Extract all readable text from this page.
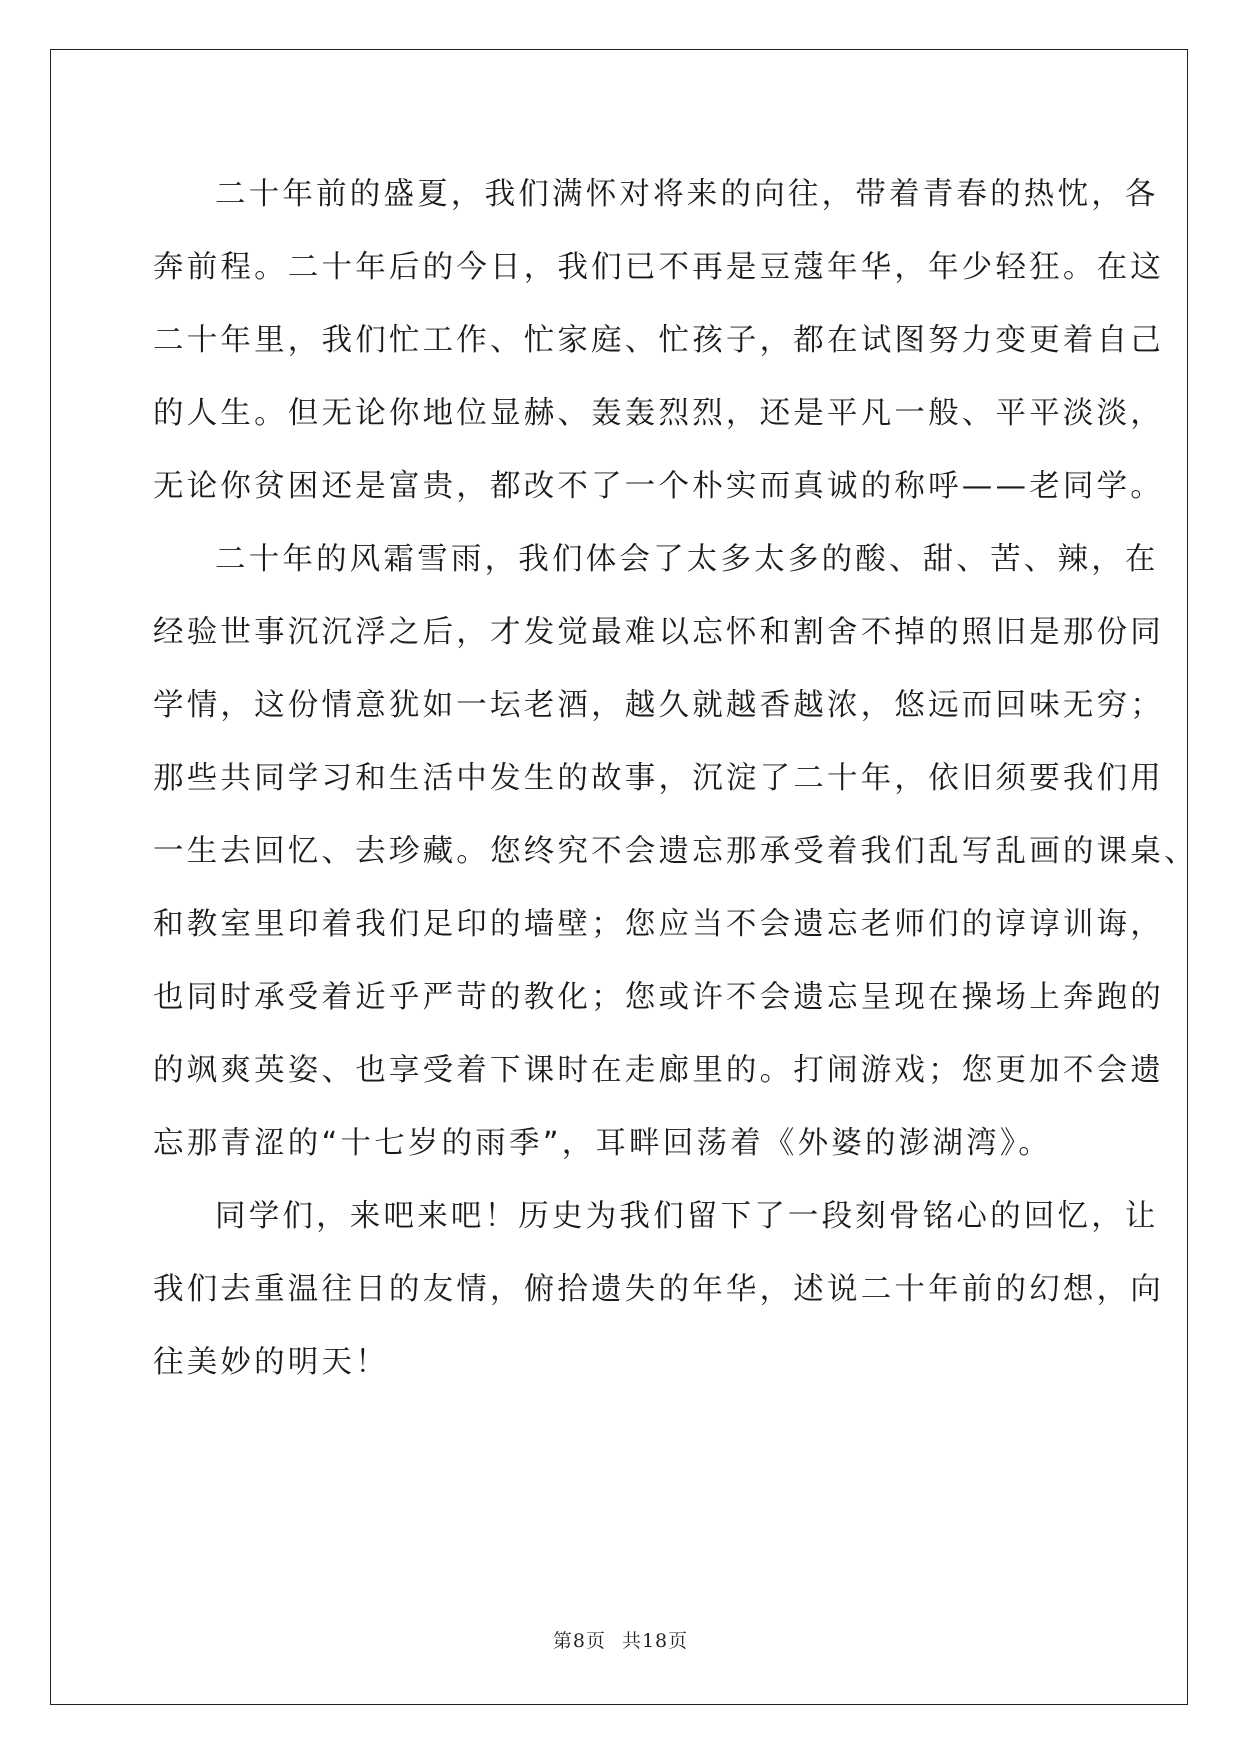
二十年前的盛夏，我们满怀对将来的向往，带着青春的热忱，各
奔前程。二十年后的今日，我们已不再是豆蔻年华，年少轻狂。在这
二十年里，我们忙工作、忙家庭、忙孩子，都在试图努力变更着自己
的人生。但无论你地位显赫、轰轰烈烈，还是平凡一般、平平淡淡，
无论你贫困还是富贵，都改不了一个朴实而真诚的称呼——老同学。
二十年的风霜雪雨，我们体会了太多太多的酸、甜、苦、辣，在
经验世事沉沉浮之后，才发觉最难以忘怀和割舍不掉的照旧是那份同
学情，这份情意犹如一坛老酒，越久就越香越浓，悠远而回味无穷；
那些共同学习和生活中发生的故事，沉淀了二十年，依旧须要我们用
一生去回忆、去珍藏。您终究不会遗忘那承受着我们乱写乱画的课桌、
和教室里印着我们足印的墙壁；您应当不会遗忘老师们的谆谆训诲，
也同时承受着近乎严苛的教化；您或许不会遗忘呈现在操场上奔跑的
的飒爽英姿、也享受着下课时在走廊里的。打闹游戏；您更加不会遗
忘那青涩的“十七岁的雨季”，耳畔回荡着《外婆的澎湖湾》。
同学们，来吧来吧！历史为我们留下了一段刻骨铭心的回忆，让
我们去重温往日的友情，俯拾遗失的年华，述说二十年前的幻想，向
往美妙的明天！
第8页 共18页
